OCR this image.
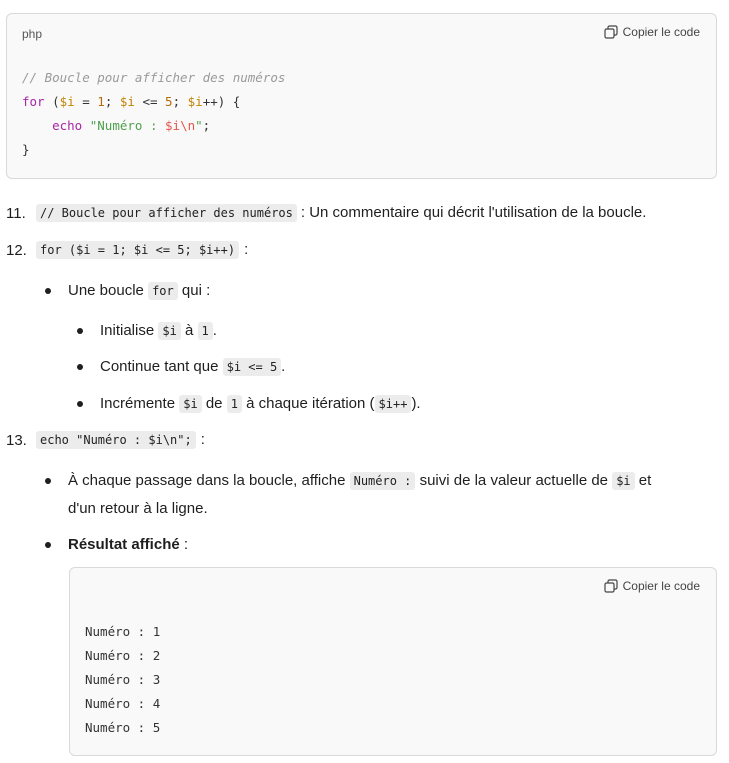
php	Copier le code
// Boucle pour afficher des numéros
for ($i = 1; $i <= 5; $i++) {
echo "Numéro : $i\n";
}
11.	// Boucle pour afficher des numéros : Un commentaire qui décrit l'utilisation de la boucle.
12.	for ($i = 1; $i <= 5; $i++) :
Une boucle for qui :
Initialise $i à 1 .
Continue tant que $i <= 5 .
Incrémente $i de 1 à chaque itération ( $i++ ).
13.	echo "Numéro : $i\n"; :
À chaque passage dans la boucle, affiche Numéro : suivi de la valeur actuelle de $i et
d'un retour à la ligne.
Résultat affiché :
Copier le code
Numéro : 1
Numéro : 2
Numéro : 3
Numéro : 4
Numéro : 5
